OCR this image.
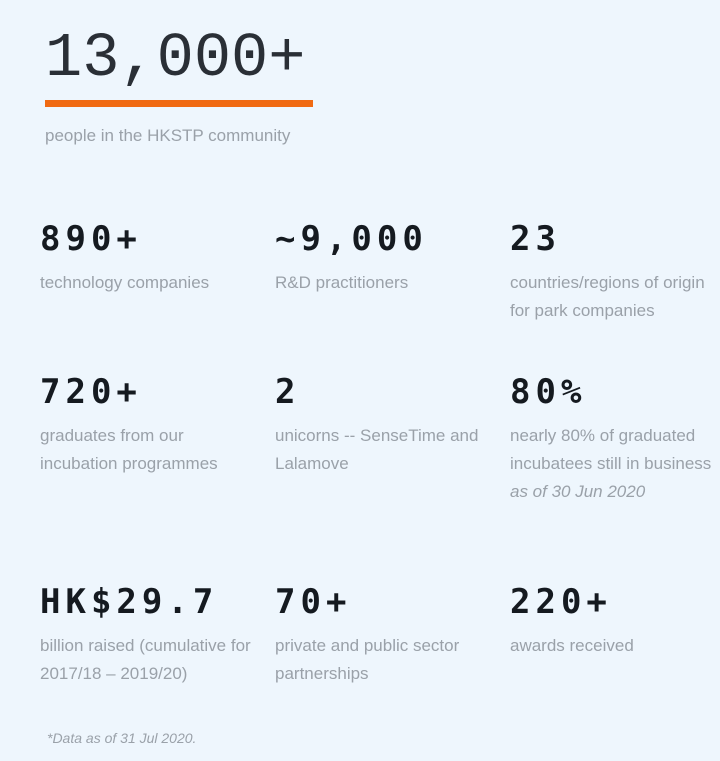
13,000+
people in the HKSTP community
890+
technology companies
~9,000
R&D practitioners
23
countries/regions of origin for park companies
720+
graduates from our incubation programmes
2
unicorns -- SenseTime and Lalamove
80%
nearly 80% of graduated incubatees still in business as of 30 Jun 2020
HK$29.7
billion raised (cumulative for 2017/18 – 2019/20)
70+
private and public sector partnerships
220+
awards received
*Data as of 31 Jul 2020.
